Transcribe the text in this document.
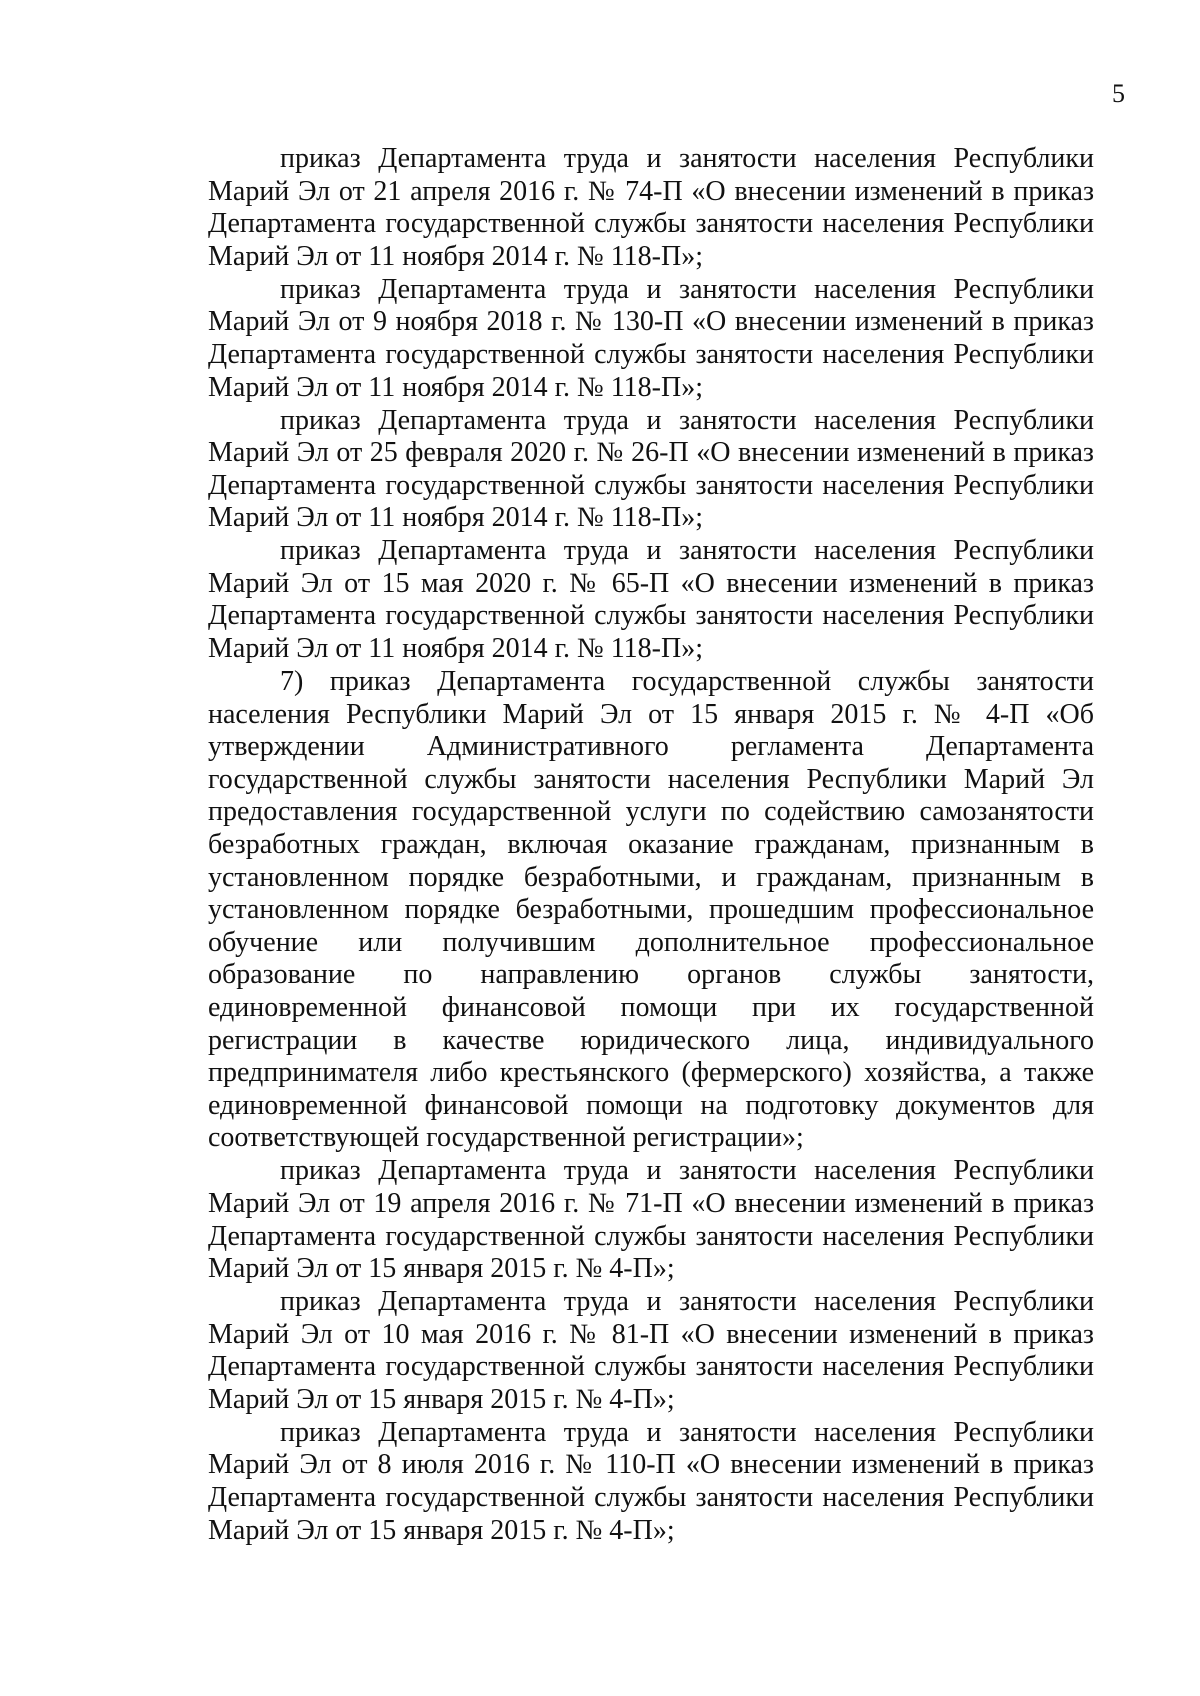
5

приказ Департамента труда и занятости населения Республики Марий Эл от 21 апреля 2016 г. № 74-П «О внесении изменений в приказ Департамента государственной службы занятости населения Республики Марий Эл от 11 ноября 2014 г. № 118-П»;

приказ Департамента труда и занятости населения Республики Марий Эл от 9 ноября 2018 г. № 130-П «О внесении изменений в приказ Департамента государственной службы занятости населения Республики Марий Эл от 11 ноября 2014 г. № 118-П»;

приказ Департамента труда и занятости населения Республики Марий Эл от 25 февраля 2020 г. № 26-П «О внесении изменений в приказ Департамента государственной службы занятости населения Республики Марий Эл от 11 ноября 2014 г. № 118-П»;

приказ Департамента труда и занятости населения Республики Марий Эл от 15 мая 2020 г. № 65-П «О внесении изменений в приказ Департамента государственной службы занятости населения Республики Марий Эл от 11 ноября 2014 г. № 118-П»;

7) приказ Департамента государственной службы занятости населения Республики Марий Эл от 15 января 2015 г. № 4-П «Об утверждении Административного регламента Департамента государственной службы занятости населения Республики Марий Эл предоставления государственной услуги по содействию самозанятости безработных граждан, включая оказание гражданам, признанным в установленном порядке безработными, и гражданам, признанным в установленном порядке безработными, прошедшим профессиональное обучение или получившим дополнительное профессиональное образование по направлению органов службы занятости, единовременной финансовой помощи при их государственной регистрации в качестве юридического лица, индивидуального предпринимателя либо крестьянского (фермерского) хозяйства, а также единовременной финансовой помощи на подготовку документов для соответствующей государственной регистрации»;

приказ Департамента труда и занятости населения Республики Марий Эл от 19 апреля 2016 г. № 71-П «О внесении изменений в приказ Департамента государственной службы занятости населения Республики Марий Эл от 15 января 2015 г. № 4-П»;

приказ Департамента труда и занятости населения Республики Марий Эл от 10 мая 2016 г. № 81-П «О внесении изменений в приказ Департамента государственной службы занятости населения Республики Марий Эл от 15 января 2015 г. № 4-П»;

приказ Департамента труда и занятости населения Республики Марий Эл от 8 июля 2016 г. № 110-П «О внесении изменений в приказ Департамента государственной службы занятости населения Республики Марий Эл от 15 января 2015 г. № 4-П»;
